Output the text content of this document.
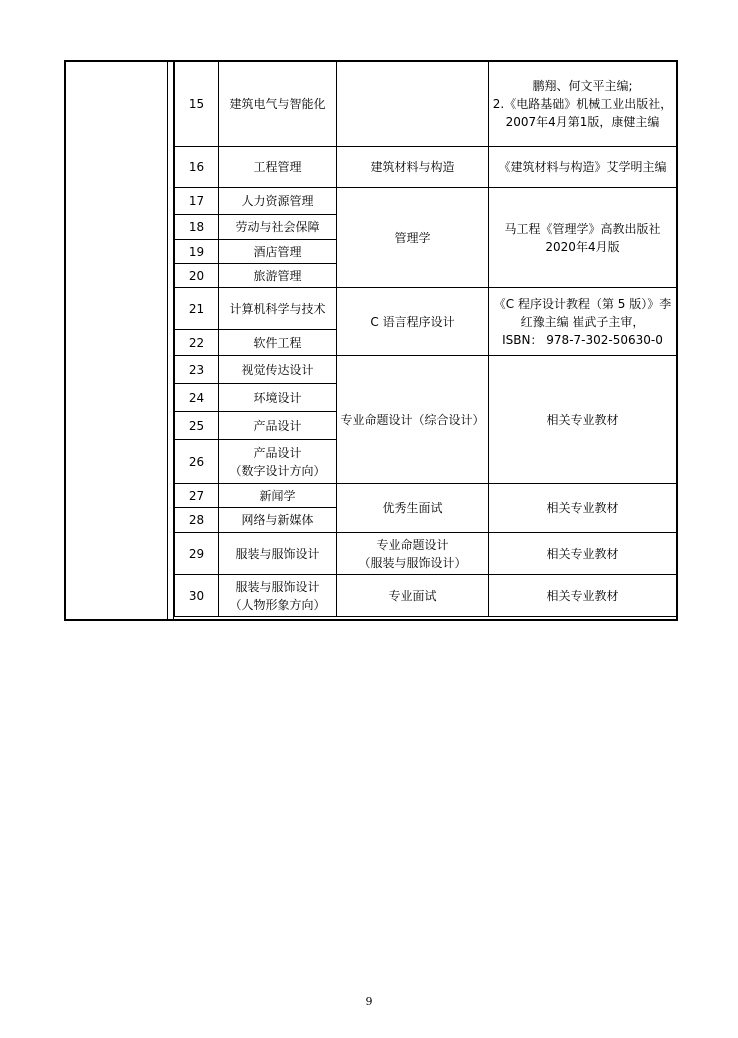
15	建筑电气与智能化		鹏翔、何文平主编;
2.《电路基础》机械工业出版社，2007年4月第1版，康健主编
16	工程管理	建筑材料与构造	《建筑材料与构造》艾学明主编
17	人力资源管理	管理学	马工程《管理学》高教出版社 2020年4月版
18	劳动与社会保障		
19	酒店管理		
20	旅游管理		
21	计算机科学与技术	C 语言程序设计	《C 程序设计教程（第 5 版）》李红豫主编 崔武子主审，
ISBN： 978-7-302-50630-0
22	软件工程		
23	视觉传达设计	专业命题设计（综合设计）	相关专业教材
24	环境设计		
25	产品设计		
26	产品设计
（数字设计方向）		
27	新闻学	优秀生面试	相关专业教材
28	网络与新媒体		
29	服装与服饰设计	专业命题设计
（服装与服饰设计）	相关专业教材
30	服装与服饰设计
（人物形象方向）	专业面试	相关专业教材
9
